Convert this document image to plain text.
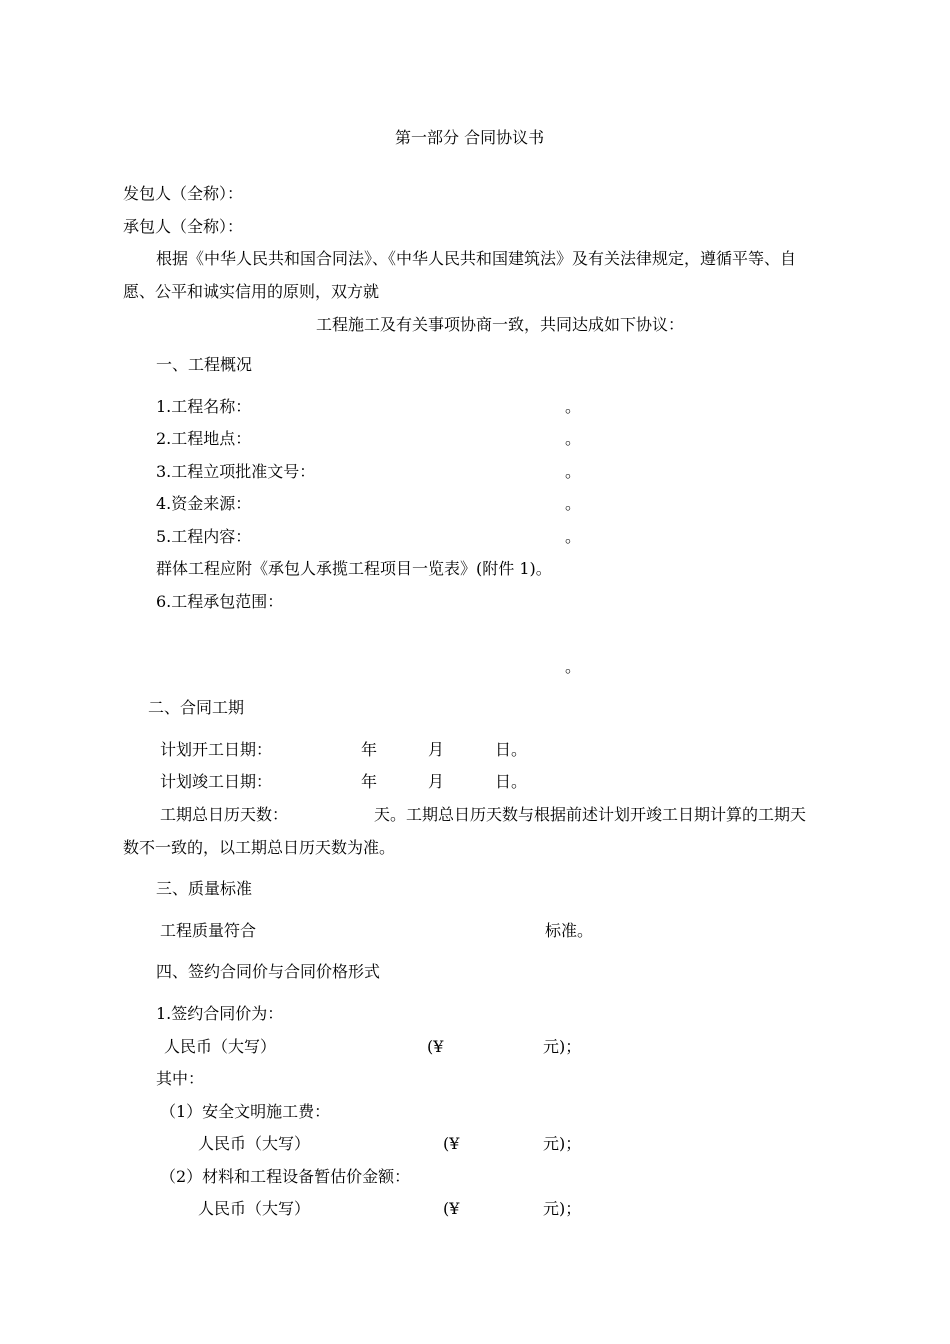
第一部分 合同协议书
发包人（全称）：
承包人（全称）：
根据《中华人民共和国合同法》、《中华人民共和国建筑法》及有关法律规定，遵循平等、自
愿、公平和诚实信用的原则，双方就
工程施工及有关事项协商一致，共同达成如下协议：
一、工程概况
1.工程名称：	。
2.工程地点：	。
3.工程立项批准文号：	。
4.资金来源：	。
5.工程内容：	。
群体工程应附《承包人承揽工程项目一览表》(附件 1)。
6.工程承包范围：
。
二、合同工期
计划开工日期：	年	月	日。
计划竣工日期：	年	月	日。
工期总日历天数：	天。工期总日历天数与根据前述计划开竣工日期计算的工期天
数不一致的，以工期总日历天数为准。
三、质量标准
工程质量符合	标准。
四、签约合同价与合同价格形式
1.签约合同价为：
人民币（大写）	(¥	元)；
其中：
（1）安全文明施工费：
人民币（大写）	(¥	元)；
（2）材料和工程设备暂估价金额：
人民币（大写）	(¥	元)；
